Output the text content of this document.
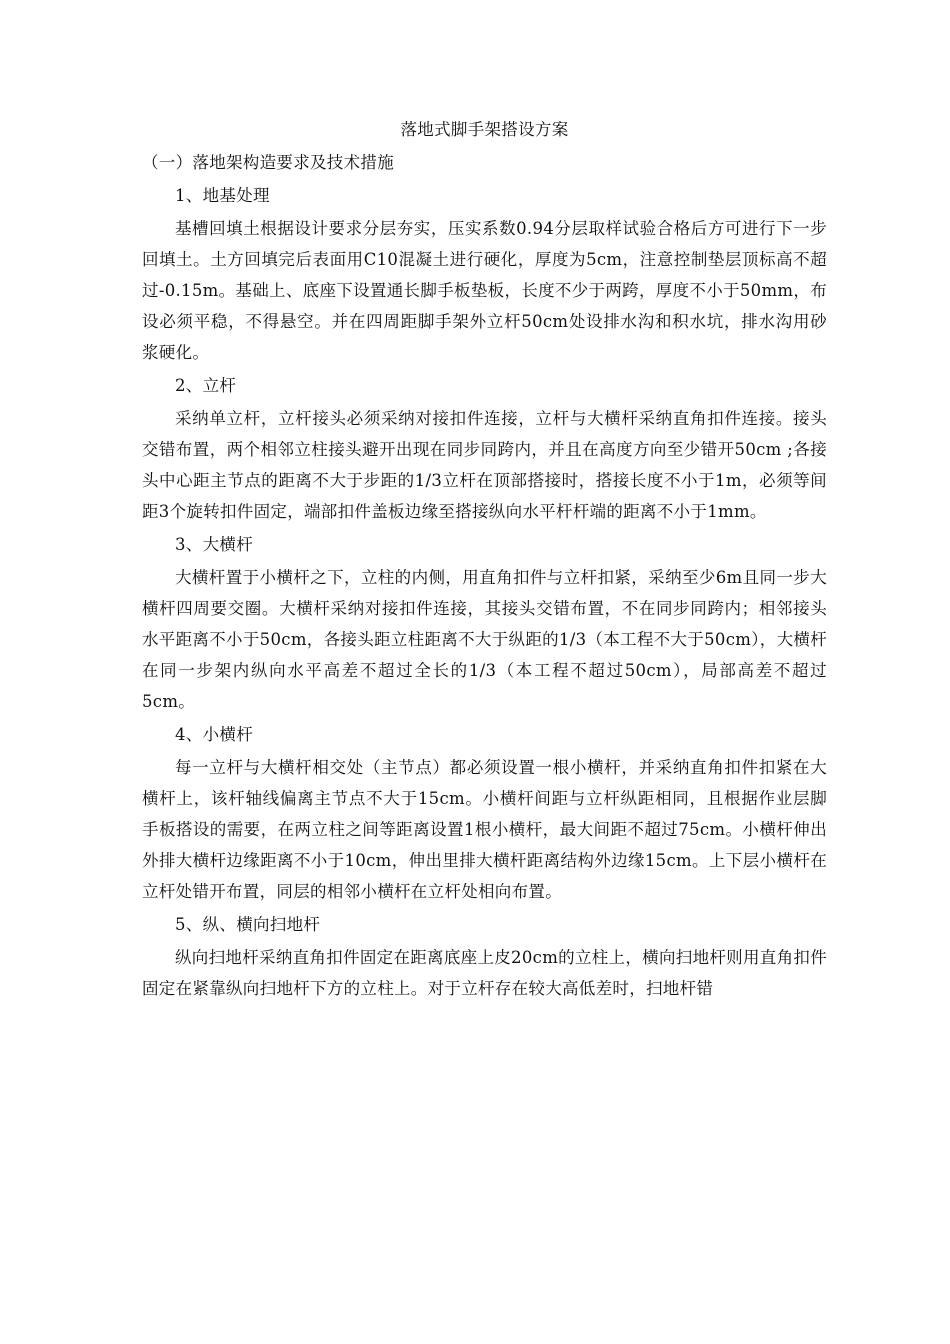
落地式脚手架搭设方案
（一）落地架构造要求及技术措施
1、地基处理

基槽回填土根据设计要求分层夯实，压实系数0.94分层取样试验合格后方可进行下一步回填土。土方回填完后表面用C10混凝土进行硬化，厚度为5cm，注意控制垫层顶标高不超过-0.15m。基础上、底座下设置通长脚手板垫板，长度不少于两跨，厚度不小于50mm，布设必须平稳，不得悬空。并在四周距脚手架外立杆50cm处设排水沟和积水坑，排水沟用砂浆硬化。

2、立杆

采纳单立杆，立杆接头必须采纳对接扣件连接，立杆与大横杆采纳直角扣件连接。接头交错布置，两个相邻立柱接头避开出现在同步同跨内，并且在高度方向至少错开50cm ;各接头中心距主节点的距离不大于步距的1/3立杆在顶部搭接时，搭接长度不小于1m，必须等间距3个旋转扣件固定，端部扣件盖板边缘至搭接纵向水平杆杆端的距离不小于1mm。

3、大横杆

大横杆置于小横杆之下，立柱的内侧，用直角扣件与立杆扣紧，采纳至少6m且同一步大横杆四周要交圈。大横杆采纳对接扣件连接，其接头交错布置，不在同步同跨内；相邻接头水平距离不小于50cm，各接头距立柱距离不大于纵距的1/3（本工程不大于50cm），大横杆在同一步架内纵向水平高差不超过全长的1/3（本工程不超过50cm），局部高差不超过5cm。

4、小横杆

每一立杆与大横杆相交处（主节点）都必须设置一根小横杆，并采纳直角扣件扣紧在大横杆上，该杆轴线偏离主节点不大于15cm。小横杆间距与立杆纵距相同，且根据作业层脚手板搭设的需要，在两立柱之间等距离设置1根小横杆，最大间距不超过75cm。小横杆伸出外排大横杆边缘距离不小于10cm，伸出里排大横杆距离结构外边缘15cm。上下层小横杆在立杆处错开布置，同层的相邻小横杆在立杆处相向布置。

5、纵、横向扫地杆

纵向扫地杆采纳直角扣件固定在距离底座上皮20cm的立柱上，横向扫地杆则用直角扣件固定在紧靠纵向扫地杆下方的立柱上。对于立杆存在较大高低差时，扫地杆错
